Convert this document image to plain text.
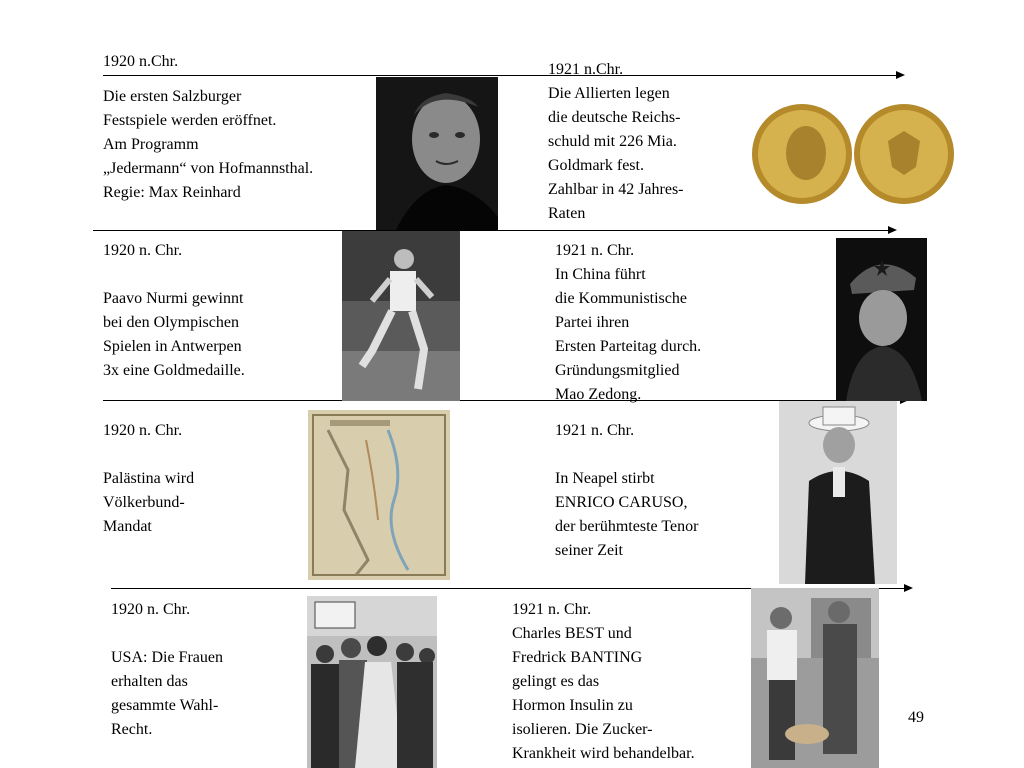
1920 n.Chr.
Die ersten Salzburger
Festspiele werden eröffnet.
Am Programm
„Jedermann“ von Hofmannsthal.
Regie: Max Reinhard
1921 n.Chr.
Die Allierten legen
die deutsche Reichs-
schuld mit 226 Mia.
Goldmark fest.
Zahlbar in 42 Jahres-
Raten
1920 n. Chr.

Paavo Nurmi gewinnt
bei den Olympischen
Spielen in Antwerpen
3x eine Goldmedaille.
1921 n. Chr.
In China führt
die Kommunistische
Partei ihren
Ersten Parteitag durch.
Gründungsmitglied
Mao Zedong.
1920 n. Chr.

Palästina wird
Völkerbund-
Mandat
1921 n. Chr.

In Neapel stirbt
ENRICO CARUSO,
der berühmteste Tenor
seiner Zeit
1920 n. Chr.

USA: Die Frauen
erhalten das
gesammte Wahl-
Recht.
1921 n. Chr.
Charles BEST und
Fredrick BANTING
gelingt es das
Hormon Insulin zu
isolieren. Die Zucker-
Krankheit wird behandelbar.
49
